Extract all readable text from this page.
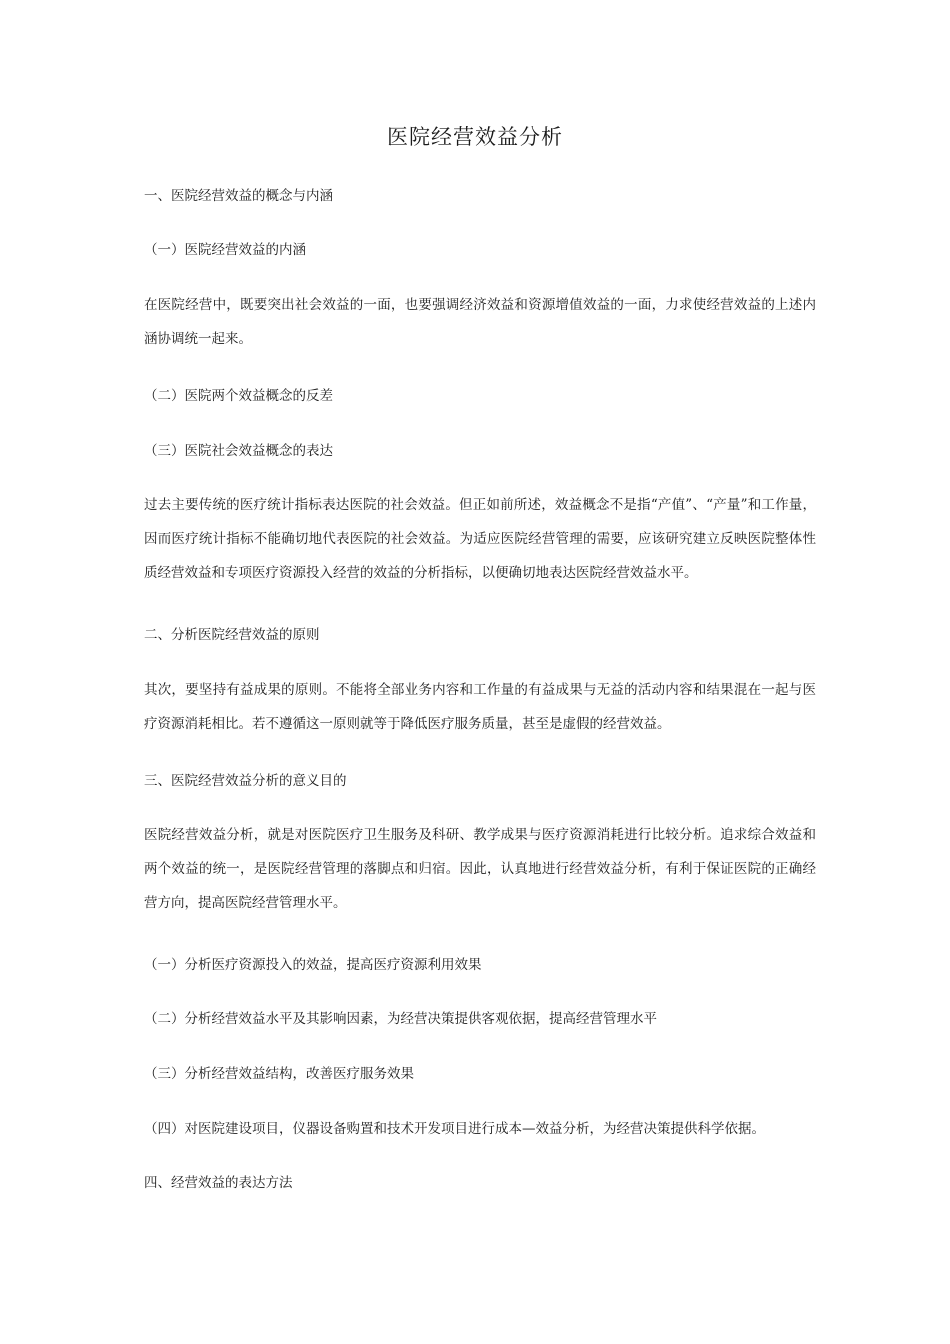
医院经营效益分析
一、医院经营效益的概念与内涵
（一）医院经营效益的内涵
在医院经营中，既要突出社会效益的一面，也要强调经济效益和资源增值效益的一面，力求使经营效益的上述内涵协调统一起来。
（二）医院两个效益概念的反差
（三）医院社会效益概念的表达
过去主要传统的医疗统计指标表达医院的社会效益。但正如前所述，效益概念不是指“产值”、“产量”和工作量，因而医疗统计指标不能确切地代表医院的社会效益。为适应医院经营管理的需要，应该研究建立反映医院整体性质经营效益和专项医疗资源投入经营的效益的分析指标，以便确切地表达医院经营效益水平。
二、分析医院经营效益的原则
其次，要坚持有益成果的原则。不能将全部业务内容和工作量的有益成果与无益的活动内容和结果混在一起与医疗资源消耗相比。若不遵循这一原则就等于降低医疗服务质量，甚至是虚假的经营效益。
三、医院经营效益分析的意义目的
医院经营效益分析，就是对医院医疗卫生服务及科研、教学成果与医疗资源消耗进行比较分析。追求综合效益和两个效益的统一，是医院经营管理的落脚点和归宿。因此，认真地进行经营效益分析，有利于保证医院的正确经营方向，提高医院经营管理水平。
（一）分析医疗资源投入的效益，提高医疗资源利用效果
（二）分析经营效益水平及其影响因素，为经营决策提供客观依据，提高经营管理水平
（三）分析经营效益结构，改善医疗服务效果
（四）对医院建设项目，仪器设备购置和技术开发项目进行成本—效益分析，为经营决策提供科学依据。
四、经营效益的表达方法
